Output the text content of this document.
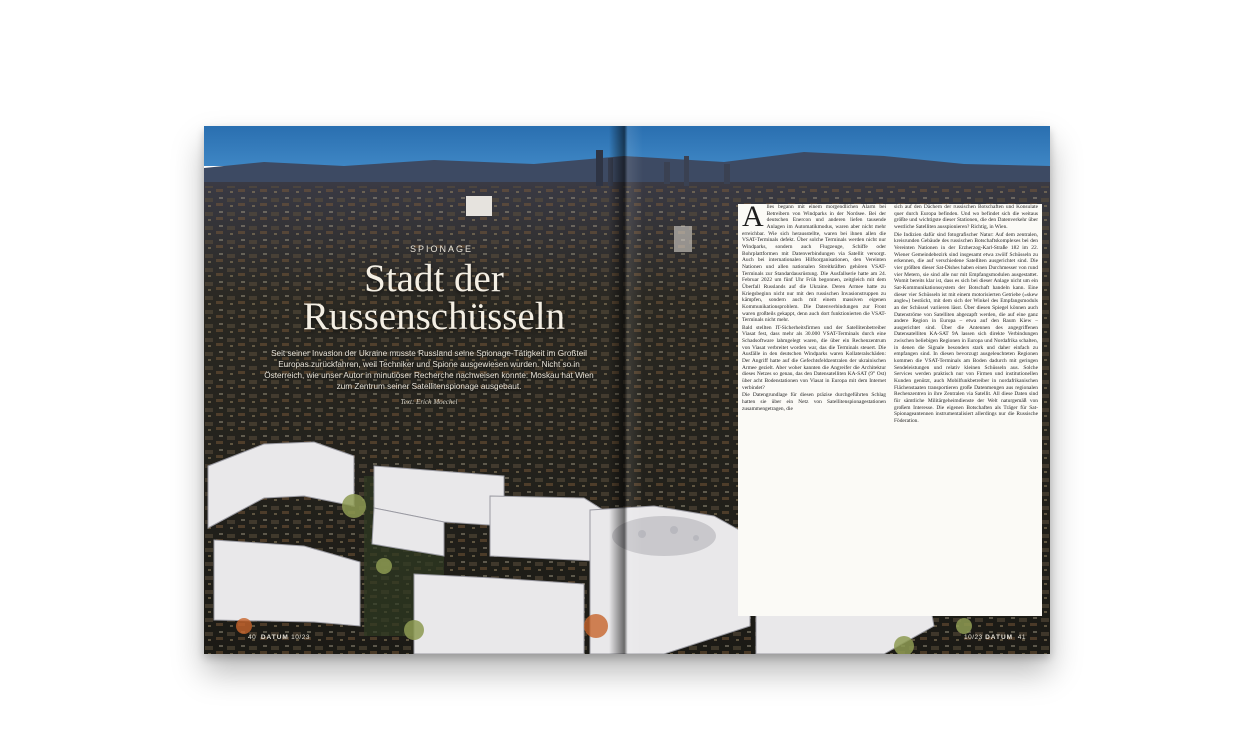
SPIONAGE
Stadt der
Russenschüsseln
Seit seiner Invasion der Ukraine musste Russland seine Spionage-Tätigkeit im Großteil Europas zurückfahren, weil Techniker und Spione ausgewiesen wurden. Nicht so in Österreich, wie unser Autor in minutiöser Recherche nachweisen konnte: Moskau hat Wien zum Zentrum seiner Satellitenspionage ausgebaut.
Text: Erich Moechel

Alles begann mit einem morgendlichen Alarm bei Betreibern von Windparks in der Nordsee. Bei der deutschen Enercon und anderen liefen tausende Anlagen im Automatikmodus, waren aber nicht mehr erreichbar. Wie sich herausstellte, waren bei ihnen allen die VSAT-Terminals defekt. Über solche Terminals werden nicht nur Windparks, sondern auch Flugzeuge, Schiffe oder Bohrplattformen mit Datenverbindungen via Satellit versorgt. Auch bei internationalen Hilfsorganisationen, den Vereinten Nationen und allen nationalen Streitkräften gehören VSAT-Terminals zur Standardausrüstung. Die Ausfallserie hatte am 24. Februar 2022 um fünf Uhr Früh begonnen, zeitgleich mit dem Überfall Russlands auf die Ukraine. Deren Armee hatte zu Kriegsbeginn nicht nur mit den russischen Invasionstruppen zu kämpfen, sondern auch mit einem massiven eigenen Kommunikationsproblem. Die Datenverbindungen zur Front waren großteils gekappt, denn auch dort funktionierten die VSAT-Terminals nicht mehr.

Bald stellten IT-Sicherheitsfirmen und der Satellitenbetreiber Viasat fest, dass mehr als 30.000 VSAT-Terminals durch eine Schadsoftware lahmgelegt waren, die über ein Rechenzentrum von Viasat verbreitet worden war, das die Terminals steuert. Die Ausfälle in den deutschen Windparks waren Kollateralschäden: Der Angriff hatte auf die Gefechtsfeldzentralen der ukrainischen Armee gezielt. Aber woher kannten die Angreifer die Architektur dieses Netzes so genau, das den Datensatelliten KA-SAT (9° Ost) über acht Bodenstationen von Viasat in Europa mit dem Internet verbindet?

Die Datengrundlage für diesen präzise durchgeführten Schlag hatten sie über ein Netz von Satellitenspionagestationen zusammengetragen, die

sich auf den Dächern der russischen Botschaften und Konsulate quer durch Europa befinden. Und wo befindet sich die weitaus größte und wichtigste dieser Stationen, die den Datenverkehr über westliche Satelliten ausspionieren? Richtig, in Wien.

Die Indizien dafür sind fotografischer Natur: Auf dem zentralen, kreisrunden Gebäude des russischen Botschaftskomplexes bei den Vereinten Nationen in der Erzherzog-Karl-Straße 182 im 22. Wiener Gemeindebezirk sind insgesamt etwa zwölf Schüsseln zu erkennen, die auf verschiedene Satelliten ausgerichtet sind. Die vier größten dieser Sat-Dishes haben einen Durchmesser von rund vier Metern, sie sind alle nur mit Empfangsmodulen ausgestattet. Womit bereits klar ist, dass es sich bei dieser Anlage nicht um ein Sat-Kommunikationssystem der Botschaft handeln kann. Eine dieser vier Schüsseln ist mit einem motorisierten Getriebe (»skew angle«) bestückt, mit dem sich der Winkel des Empfangsmoduls an der Schüssel variieren lässt. Über diesen Spiegel können auch Datenströme von Satelliten abgezapft werden, die auf eine ganz andere Region in Europa – etwa auf den Raum Kiew – ausgerichtet sind. Über die Antennen des angegriffenen Datensatelliten KA-SAT 9A lassen sich direkte Verbindungen zwischen beliebigen Regionen in Europa und Nordafrika schalten, in denen die Signale besonders stark und daher einfach zu empfangen sind. In diesen bevorzugt ausgeleuchteten Regionen kommen die VSAT-Terminals am Boden dadurch mit geringen Sendeleistungen und relativ kleinen Schüsseln aus. Solche Services werden praktisch nur von Firmen und institutionellen Kunden genützt, auch Mobilfunkbetreiber in nordafrikanischen Flächenstaaten transportieren große Datenmengen aus regionalen Rechenzentren in ihre Zentralen via Satellit. All diese Daten sind für sämtliche Militärgeheimdienste der Welt naturgemäß von großem Interesse. Die eigenen Botschaften als Träger für Sat-Spionageantennen instrumentalisiert allerdings nur die Russische Föderation.

40 DATUM 10/23	10/23 DATUM 41
